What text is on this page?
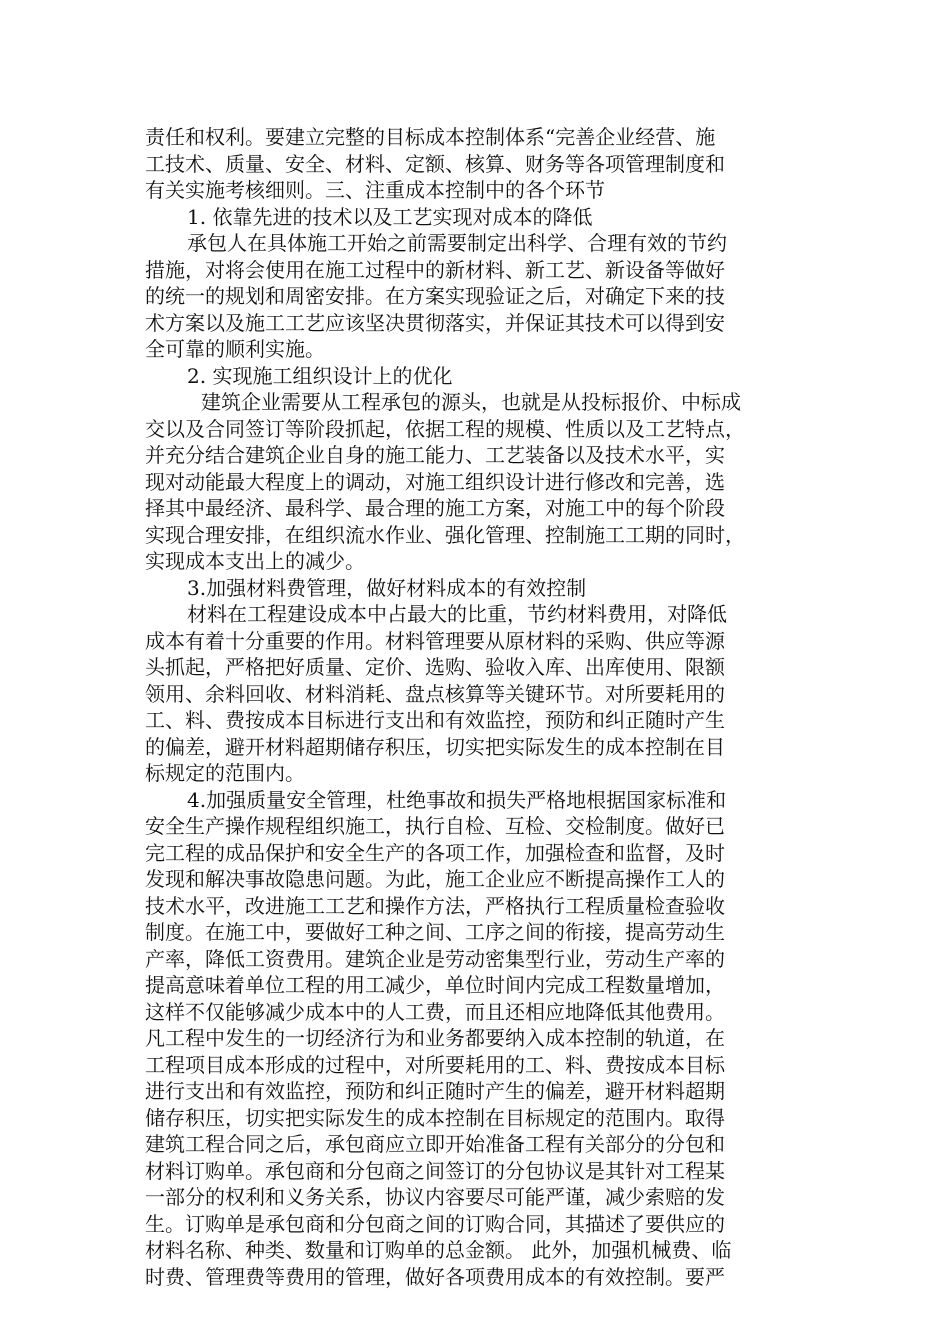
责任和权利。要建立完整的目标成本控制体系“完善企业经营、施
工技术、质量、安全、材料、定额、核算、财务等各项管理制度和
有关实施考核细则。三、注重成本控制中的各个环节
1. 依靠先进的技术以及工艺实现对成本的降低
承包人在具体施工开始之前需要制定出科学、合理有效的节约
措施，对将会使用在施工过程中的新材料、新工艺、新设备等做好
的统一的规划和周密安排。在方案实现验证之后，对确定下来的技
术方案以及施工工艺应该坚决贯彻落实，并保证其技术可以得到安
全可靠的顺利实施。
2. 实现施工组织设计上的优化
建筑企业需要从工程承包的源头，也就是从投标报价、中标成
交以及合同签订等阶段抓起，依据工程的规模、性质以及工艺特点，
并充分结合建筑企业自身的施工能力、工艺装备以及技术水平，实
现对动能最大程度上的调动，对施工组织设计进行修改和完善，选
择其中最经济、最科学、最合理的施工方案，对施工中的每个阶段
实现合理安排，在组织流水作业、强化管理、控制施工工期的同时，
实现成本支出上的减少。
3.加强材料费管理，做好材料成本的有效控制
材料在工程建设成本中占最大的比重，节约材料费用，对降低
成本有着十分重要的作用。材料管理要从原材料的采购、供应等源
头抓起，严格把好质量、定价、选购、验收入库、出库使用、限额
领用、余料回收、材料消耗、盘点核算等关键环节。对所要耗用的
工、料、费按成本目标进行支出和有效监控，预防和纠正随时产生
的偏差，避开材料超期储存积压，切实把实际发生的成本控制在目
标规定的范围内。
4.加强质量安全管理，杜绝事故和损失严格地根据国家标准和
安全生产操作规程组织施工，执行自检、互检、交检制度。做好已
完工程的成品保护和安全生产的各项工作，加强检查和监督，及时
发现和解决事故隐患问题。为此，施工企业应不断提高操作工人的
技术水平，改进施工工艺和操作方法，严格执行工程质量检查验收
制度。在施工中，要做好工种之间、工序之间的衔接，提高劳动生
产率，降低工资费用。建筑企业是劳动密集型行业，劳动生产率的
提高意味着单位工程的用工减少，单位时间内完成工程数量增加，
这样不仅能够减少成本中的人工费，而且还相应地降低其他费用。
凡工程中发生的一切经济行为和业务都要纳入成本控制的轨道，在
工程项目成本形成的过程中，对所要耗用的工、料、费按成本目标
进行支出和有效监控，预防和纠正随时产生的偏差，避开材料超期
储存积压，切实把实际发生的成本控制在目标规定的范围内。取得
建筑工程合同之后，承包商应立即开始准备工程有关部分的分包和
材料订购单。承包商和分包商之间签订的分包协议是其针对工程某
一部分的权利和义务关系，协议内容要尽可能严谨，减少索赔的发
生。订购单是承包商和分包商之间的订购合同，其描述了要供应的
材料名称、种类、数量和订购单的总金额。 此外，加强机械费、临
时费、管理费等费用的管理，做好各项费用成本的有效控制。要严
